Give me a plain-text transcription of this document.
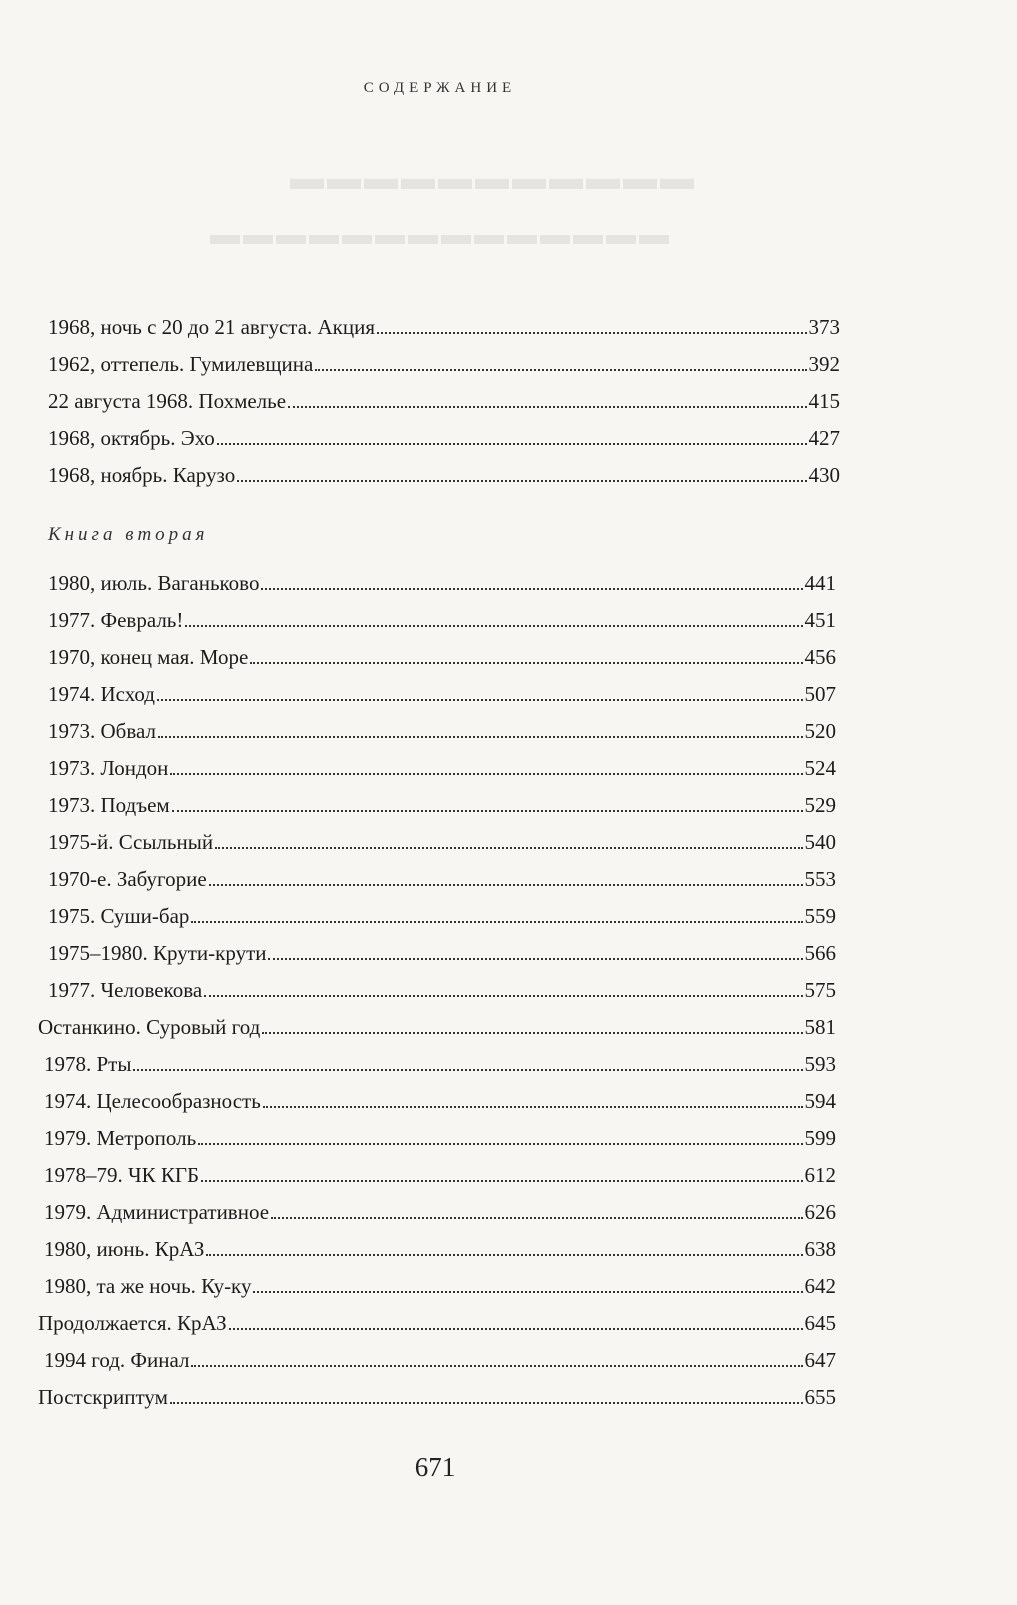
▬▬▬▬▬▬▬▬▬▬▬
▬▬▬▬▬▬▬▬▬▬▬▬▬▬
СОДЕРЖАНИЕ
1968, ночь с 20 до 21 августа. Акция	373
1962, оттепель. Гумилевщина	392
22 августа 1968. Похмелье	415
1968, октябрь. Эхо	427
1968, ноябрь. Карузо	430
Книга вторая
1980, июль. Ваганьково	441
1977. Февраль!	451
1970, конец мая. Море	456
1974. Исход	507
1973. Обвал	520
1973. Лондон	524
1973. Подъем	529
1975-й. Ссыльный	540
1970-е. Забугорие	553
1975. Суши-бар	559
1975–1980. Крути-крути	566
1977. Человекова	575
Останкино. Суровый год	581
1978. Рты	593
1974. Целесообразность	594
1979. Метрополь	599
1978–79. ЧК КГБ	612
1979. Административное	626
1980, июнь. КрАЗ	638
1980, та же ночь. Ку-ку	642
Продолжается. КрАЗ	645
1994 год. Финал	647
Постскриптум	655
671
